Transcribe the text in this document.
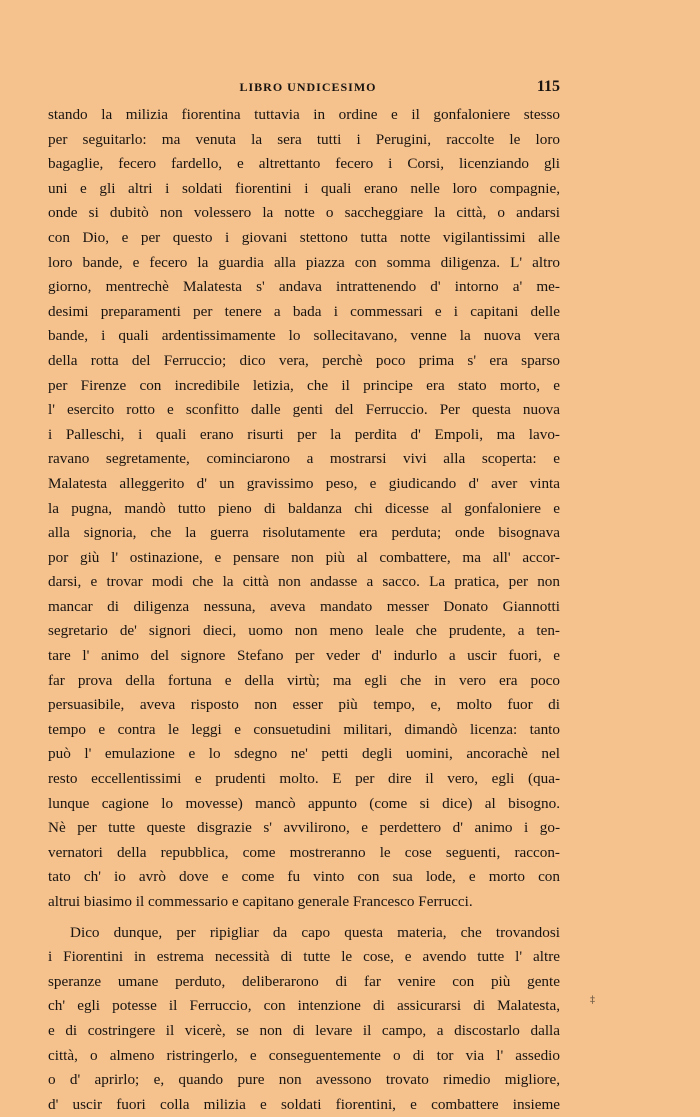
LIBRO UNDICESIMO	115
stando la milizia fiorentina tuttavia in ordine e il gonfaloniere stesso
per seguitarlo: ma venuta la sera tutti i Perugini, raccolte le loro
bagaglie, fecero fardello, e altrettanto fecero i Corsi, licenziando gli
uni e gli altri i soldati fiorentini i quali erano nelle loro compagnie,
onde si dubitò non volessero la notte o saccheggiare la città, o andarsi
con Dio, e per questo i giovani stettono tutta notte vigilantissimi alle
loro bande, e fecero la guardia alla piazza con somma diligenza. L' altro
giorno, mentrechè Malatesta s' andava intrattenendo d' intorno a' me-
desimi preparamenti per tenere a bada i commessari e i capitani delle
bande, i quali ardentissimamente lo sollecitavano, venne la nuova vera
della rotta del Ferruccio; dico vera, perchè poco prima s' era sparso
per Firenze con incredibile letizia, che il principe era stato morto, e
l' esercito rotto e sconfitto dalle genti del Ferruccio. Per questa nuova
i Palleschi, i quali erano risurti per la perdita d' Empoli, ma lavo-
ravano segretamente, cominciarono a mostrarsi vivi alla scoperta: e
Malatesta alleggerito d' un gravissimo peso, e giudicando d' aver vinta
la pugna, mandò tutto pieno di baldanza chi dicesse al gonfaloniere e
alla signoria, che la guerra risolutamente era perduta; onde bisognava
por giù l' ostinazione, e pensare non più al combattere, ma all' accor-
darsi, e trovar modi che la città non andasse a sacco. La pratica, per non
mancar di diligenza nessuna, aveva mandato messer Donato Giannotti
segretario de' signori dieci, uomo non meno leale che prudente, a ten-
tare l' animo del signore Stefano per veder d' indurlo a uscir fuori, e
far prova della fortuna e della virtù; ma egli che in vero era poco
persuasibile, aveva risposto non esser più tempo, e, molto fuor di
tempo e contra le leggi e consuetudini militari, dimandò licenza: tanto
può l' emulazione e lo sdegno ne' petti degli uomini, ancorachè nel
resto eccellentissimi e prudenti molto. E per dire il vero, egli (qua-
lunque cagione lo movesse) mancò appunto (come si dice) al bisogno.
Nè per tutte queste disgrazie s' avvilirono, e perdettero d' animo i go-
vernatori della repubblica, come mostreranno le cose seguenti, raccon-
tato ch' io avrò dove e come fu vinto con sua lode, e morto con
altrui biasimo il commessario e capitano generale Francesco Ferrucci.
Dico dunque, per ripigliar da capo questa materia, che trovandosi
i Fiorentini in estrema necessità di tutte le cose, e avendo tutte l' altre
speranze umane perduto, deliberarono di far venire con più gente
ch' egli potesse il Ferruccio, con intenzione di assicurarsi di Malatesta,
e di costringere il vicerè, se non di levare il campo, a discostarlo dalla
città, o almeno ristringerlo, e conseguentemente o di tor via l' assedio
o d' aprirlo; e, quando pure non avessono trovato rimedio migliore,
d' uscir fuori colla milizia e soldati fiorentini, e combattere insieme
‡
